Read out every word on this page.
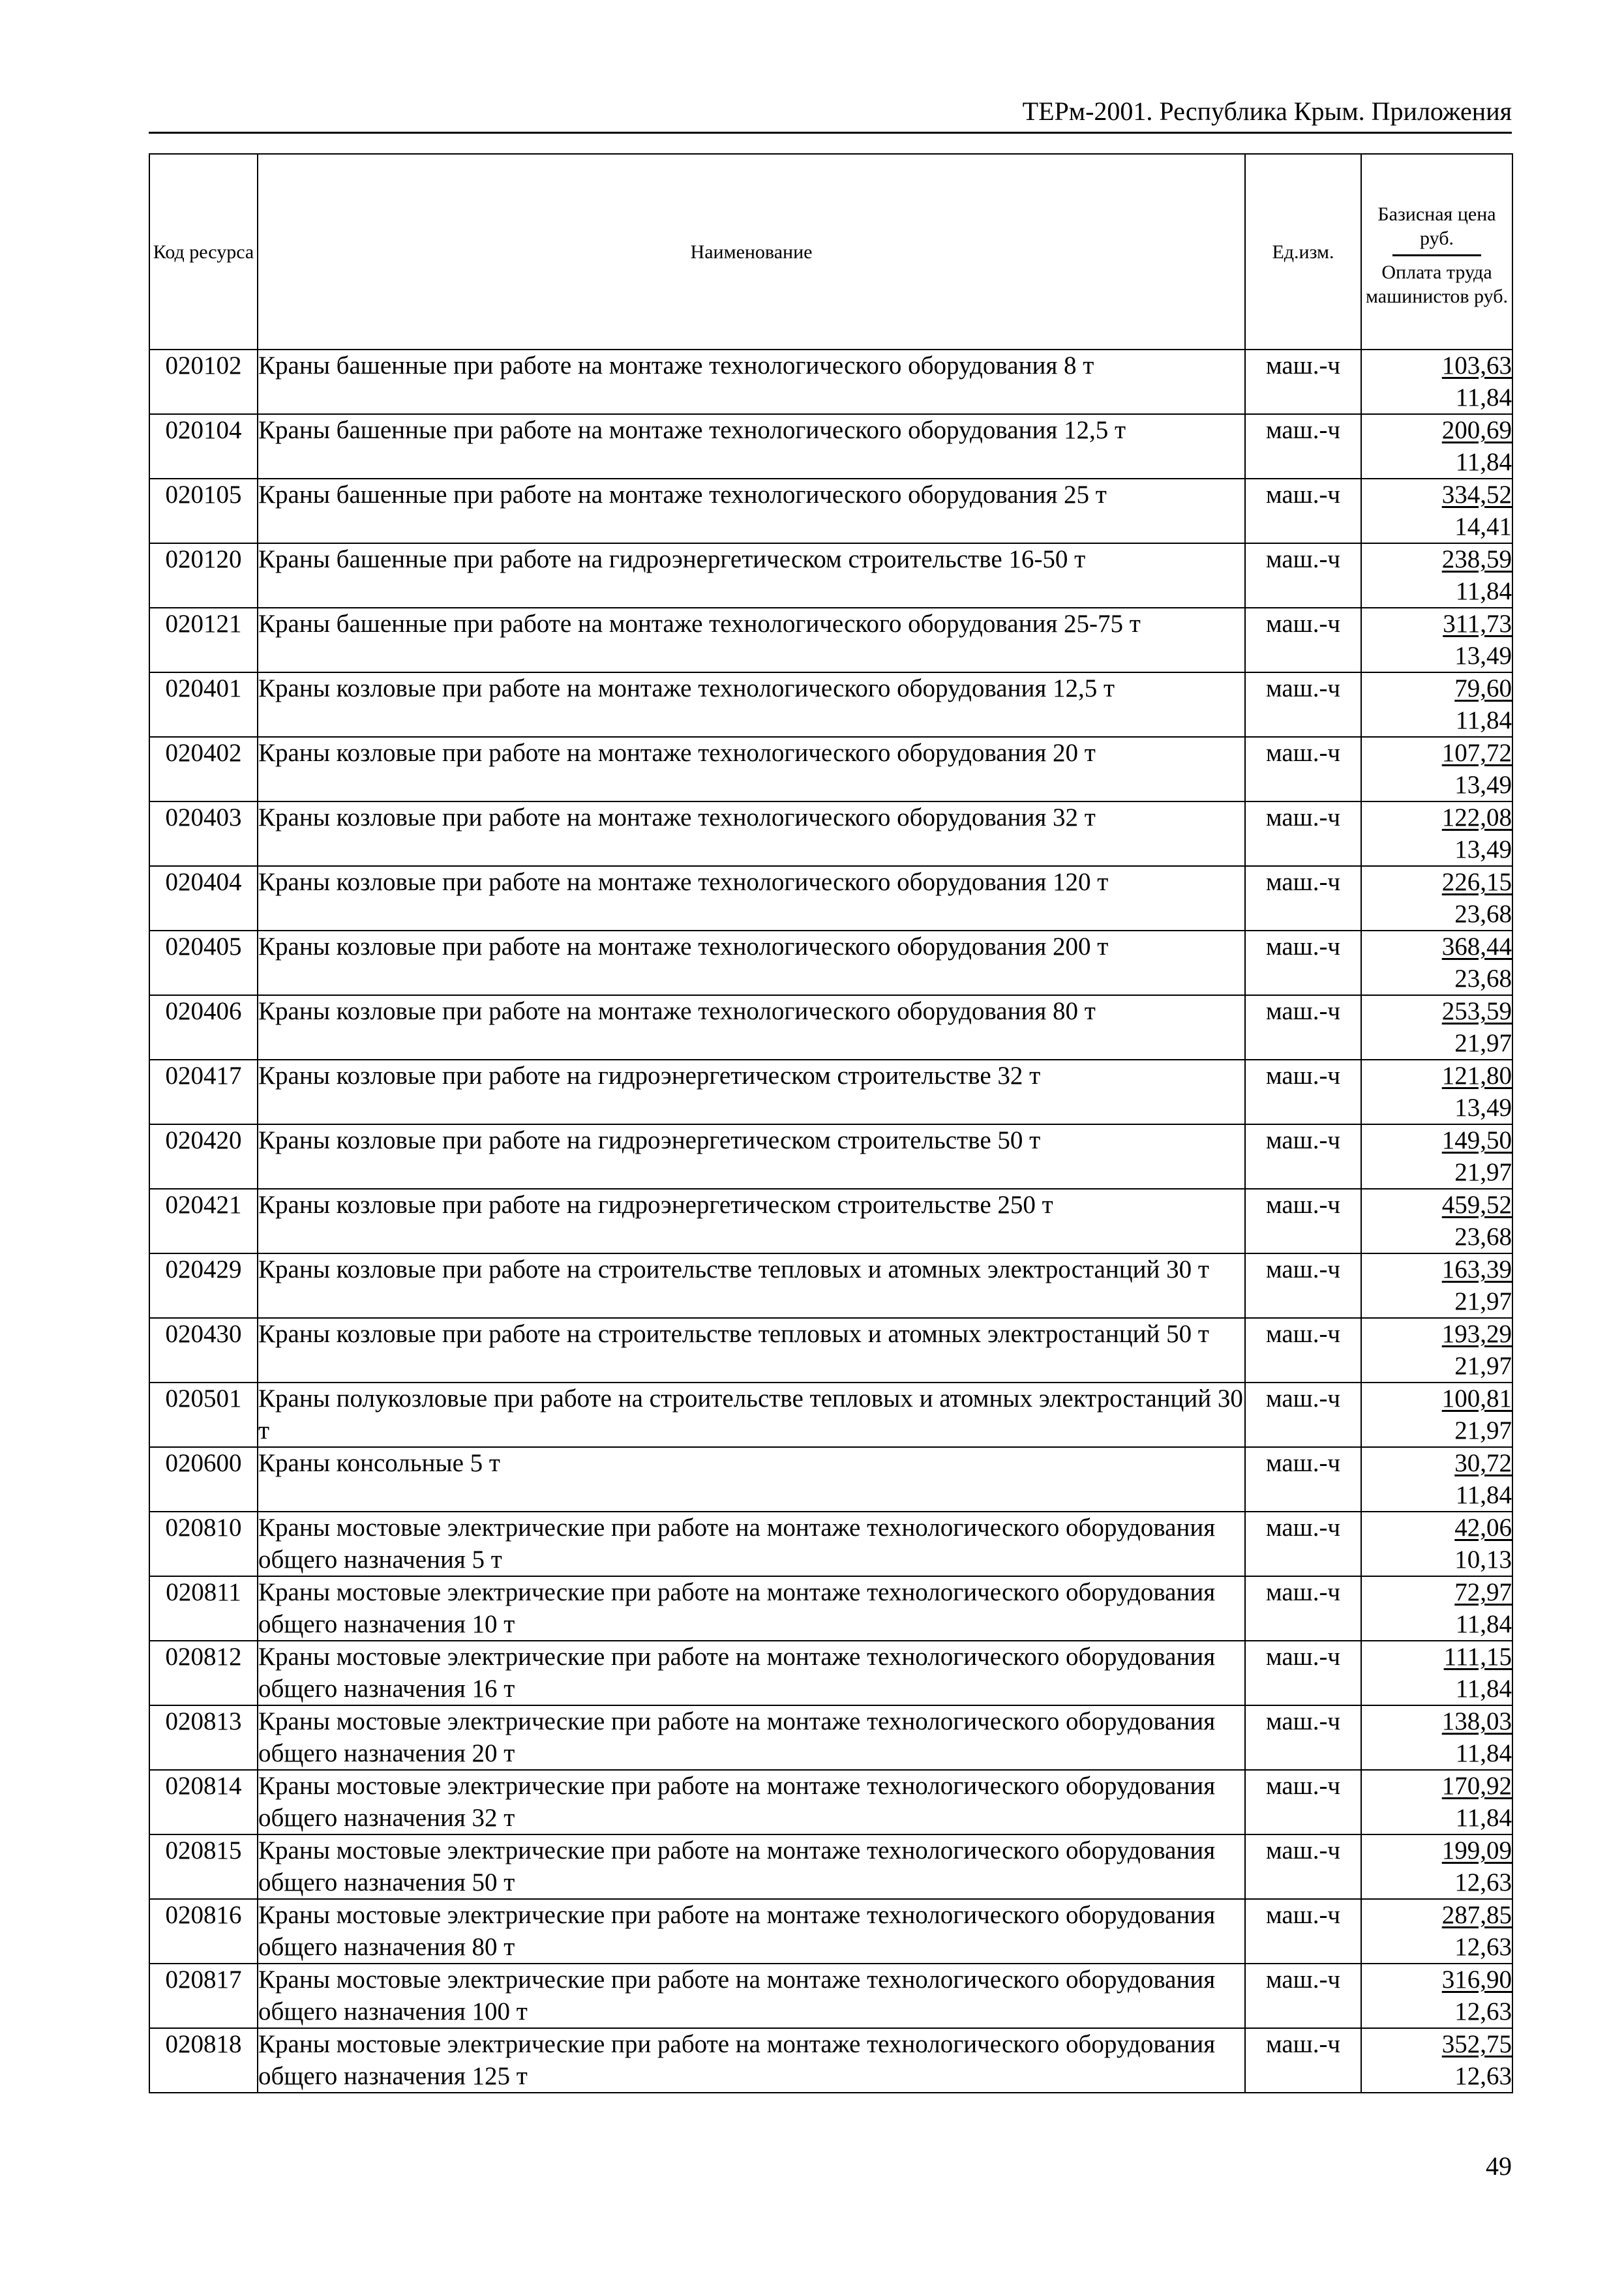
ТЕРм-2001. Республика Крым. Приложения
Код ресурса	Наименование	Ед.изм.	Базисная цена руб.
Оплата труда машинистов руб.

020102	Краны башенные при работе на монтаже технологического оборудования 8 т	маш.-ч	103,63
11,84

020104	Краны башенные при работе на монтаже технологического оборудования 12,5 т	маш.-ч	200,69
11,84

020105	Краны башенные при работе на монтаже технологического оборудования 25 т	маш.-ч	334,52
14,41

020120	Краны башенные при работе на гидроэнергетическом строительстве 16-50 т	маш.-ч	238,59
11,84

020121	Краны башенные при работе на монтаже технологического оборудования 25-75 т	маш.-ч	311,73
13,49

020401	Краны козловые при работе на монтаже технологического оборудования 12,5 т	маш.-ч	79,60
11,84

020402	Краны козловые при работе на монтаже технологического оборудования 20 т	маш.-ч	107,72
13,49

020403	Краны козловые при работе на монтаже технологического оборудования 32 т	маш.-ч	122,08
13,49

020404	Краны козловые при работе на монтаже технологического оборудования 120 т	маш.-ч	226,15
23,68

020405	Краны козловые при работе на монтаже технологического оборудования 200 т	маш.-ч	368,44
23,68

020406	Краны козловые при работе на монтаже технологического оборудования 80 т	маш.-ч	253,59
21,97

020417	Краны козловые при работе на гидроэнергетическом строительстве 32 т	маш.-ч	121,80
13,49

020420	Краны козловые при работе на гидроэнергетическом строительстве 50 т	маш.-ч	149,50
21,97

020421	Краны козловые при работе на гидроэнергетическом строительстве 250 т	маш.-ч	459,52
23,68

020429	Краны козловые при работе на строительстве тепловых и атомных электростанций 30 т	маш.-ч	163,39
21,97

020430	Краны козловые при работе на строительстве тепловых и атомных электростанций 50 т	маш.-ч	193,29
21,97

020501	Краны полукозловые при работе на строительстве тепловых и атомных электростанций 30 т	маш.-ч	100,81
21,97

020600	Краны консольные 5 т	маш.-ч	30,72
11,84

020810	Краны мостовые электрические при работе на монтаже технологического оборудования общего назначения 5 т	маш.-ч	42,06
10,13

020811	Краны мостовые электрические при работе на монтаже технологического оборудования общего назначения 10 т	маш.-ч	72,97
11,84

020812	Краны мостовые электрические при работе на монтаже технологического оборудования общего назначения 16 т	маш.-ч	111,15
11,84

020813	Краны мостовые электрические при работе на монтаже технологического оборудования общего назначения 20 т	маш.-ч	138,03
11,84

020814	Краны мостовые электрические при работе на монтаже технологического оборудования общего назначения 32 т	маш.-ч	170,92
11,84

020815	Краны мостовые электрические при работе на монтаже технологического оборудования общего назначения 50 т	маш.-ч	199,09
12,63

020816	Краны мостовые электрические при работе на монтаже технологического оборудования общего назначения 80 т	маш.-ч	287,85
12,63

020817	Краны мостовые электрические при работе на монтаже технологического оборудования общего назначения 100 т	маш.-ч	316,90
12,63

020818	Краны мостовые электрические при работе на монтаже технологического оборудования общего назначения 125 т	маш.-ч	352,75
12,63
49
